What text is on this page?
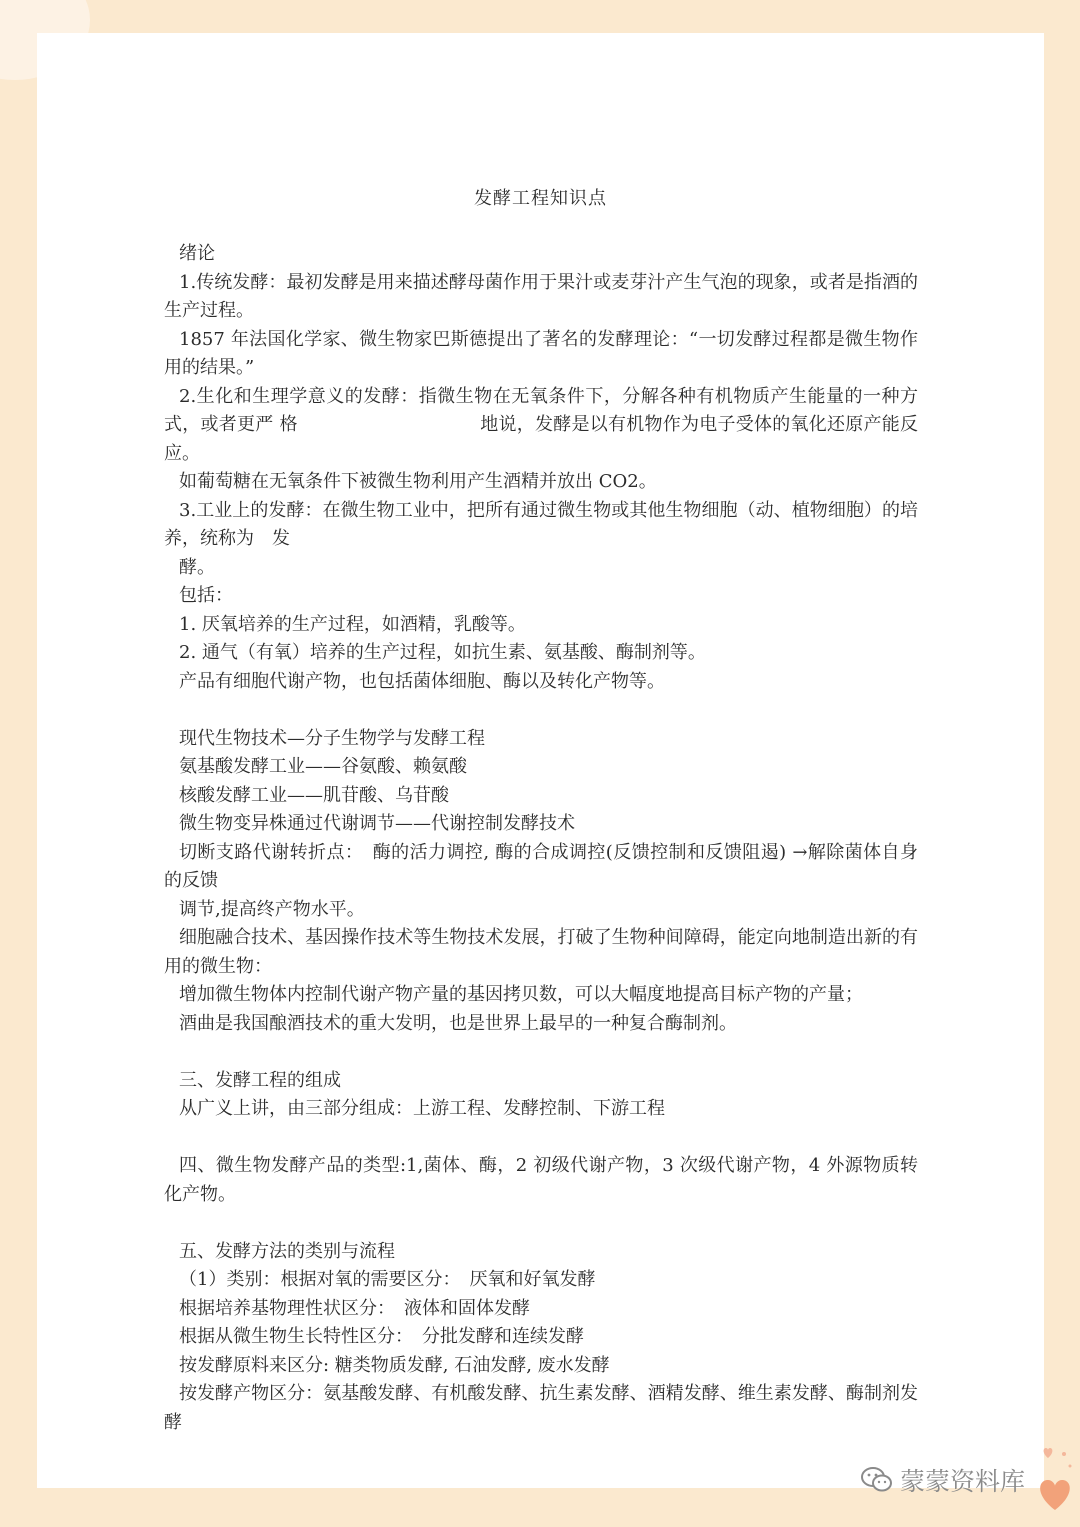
发酵工程知识点

绪论

1.传统发酵：最初发酵是用来描述酵母菌作用于果汁或麦芽汁产生气泡的现象，或者是指酒的生产过程。

1857 年法国化学家、微生物家巴斯德提出了著名的发酵理论：“一切发酵过程都是微生物作用的结果。”

2.生化和生理学意义的发酵：指微生物在无氧条件下，分解各种有机物质产生能量的一种方式，或者更严 格　　　　　　　　　　地说，发酵是以有机物作为电子受体的氧化还原产能反应。

如葡萄糖在无氧条件下被微生物利用产生酒精并放出 CO2。

3.工业上的发酵：在微生物工业中，把所有通过微生物或其他生物细胞（动、植物细胞）的培养，统称为　发

酵。

包括：

1. 厌氧培养的生产过程，如酒精，乳酸等。

2. 通气（有氧）培养的生产过程，如抗生素、氨基酸、酶制剂等。

产品有细胞代谢产物，也包括菌体细胞、酶以及转化产物等。

现代生物技术—分子生物学与发酵工程

氨基酸发酵工业——谷氨酸、赖氨酸

核酸发酵工业——肌苷酸、乌苷酸

微生物变异株通过代谢调节——代谢控制发酵技术

切断支路代谢转折点：　酶的活力调控, 酶的合成调控(反馈控制和反馈阻遏) →解除菌体自身的反馈

调节,提高终产物水平。

细胞融合技术、基因操作技术等生物技术发展，打破了生物种间障碍，能定向地制造出新的有用的微生物：

增加微生物体内控制代谢产物产量的基因拷贝数，可以大幅度地提高目标产物的产量；

酒曲是我国酿酒技术的重大发明，也是世界上最早的一种复合酶制剂。

三、发酵工程的组成

从广义上讲，由三部分组成：上游工程、发酵控制、下游工程

四、微生物发酵产品的类型:1,菌体、酶，2 初级代谢产物，3 次级代谢产物，4 外源物质转化产物。

五、发酵方法的类别与流程

（1）类别：根据对氧的需要区分：　厌氧和好氧发酵

根据培养基物理性状区分：　液体和固体发酵

根据从微生物生长特性区分：　分批发酵和连续发酵

按发酵原料来区分: 糖类物质发酵, 石油发酵, 废水发酵

按发酵产物区分：氨基酸发酵、有机酸发酵、抗生素发酵、酒精发酵、维生素发酵、酶制剂发酵

蒙蒙资料库
